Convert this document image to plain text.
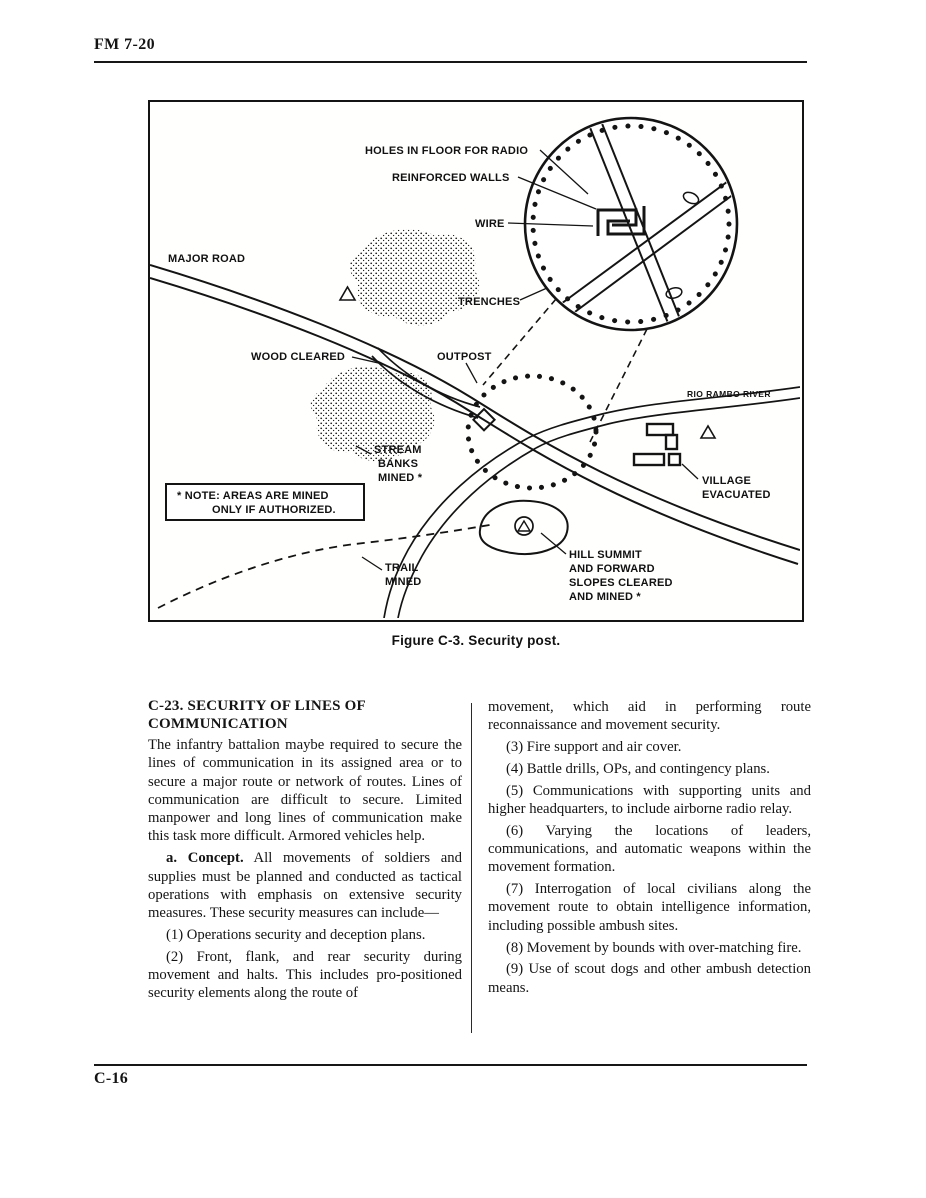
FM 7-20
HOLES IN FLOOR FOR RADIO
REINFORCED WALLS
WIRE
MAJOR ROAD
TRENCHES
WOOD CLEARED	OUTPOST
RIO RAMBO RIVER
STREAM
BANKS
MINED *
* NOTE: AREAS ARE MINED
ONLY IF AUTHORIZED.
VILLAGE
EVACUATED
TRAIL
MINED
HILL SUMMIT
AND FORWARD
SLOPES CLEARED
AND MINED *
Figure C-3. Security post.
C-23. SECURITY OF LINES OF COMMUNICATION

The infantry battalion maybe required to secure the lines of communication in its assigned area or to secure a major route or network of routes. Lines of communication are difficult to secure. Limited manpower and long lines of communication make this task more difficult. Armored vehicles help.

a. Concept. All movements of soldiers and supplies must be planned and conducted as tactical operations with emphasis on extensive security measures. These security measures can include—

(1) Operations security and deception plans.

(2) Front, flank, and rear security during movement and halts. This includes pro-positioned security elements along the route of

movement, which aid in performing route reconnaissance and movement security.

(3) Fire support and air cover.

(4) Battle drills, OPs, and contingency plans.

(5) Communications with supporting units and higher headquarters, to include airborne radio relay.

(6) Varying the locations of leaders, communications, and automatic weapons within the movement formation.

(7) Interrogation of local civilians along the movement route to obtain intelligence information, including possible ambush sites.

(8) Movement by bounds with over-matching fire.

(9) Use of scout dogs and other ambush detection means.

C-16
